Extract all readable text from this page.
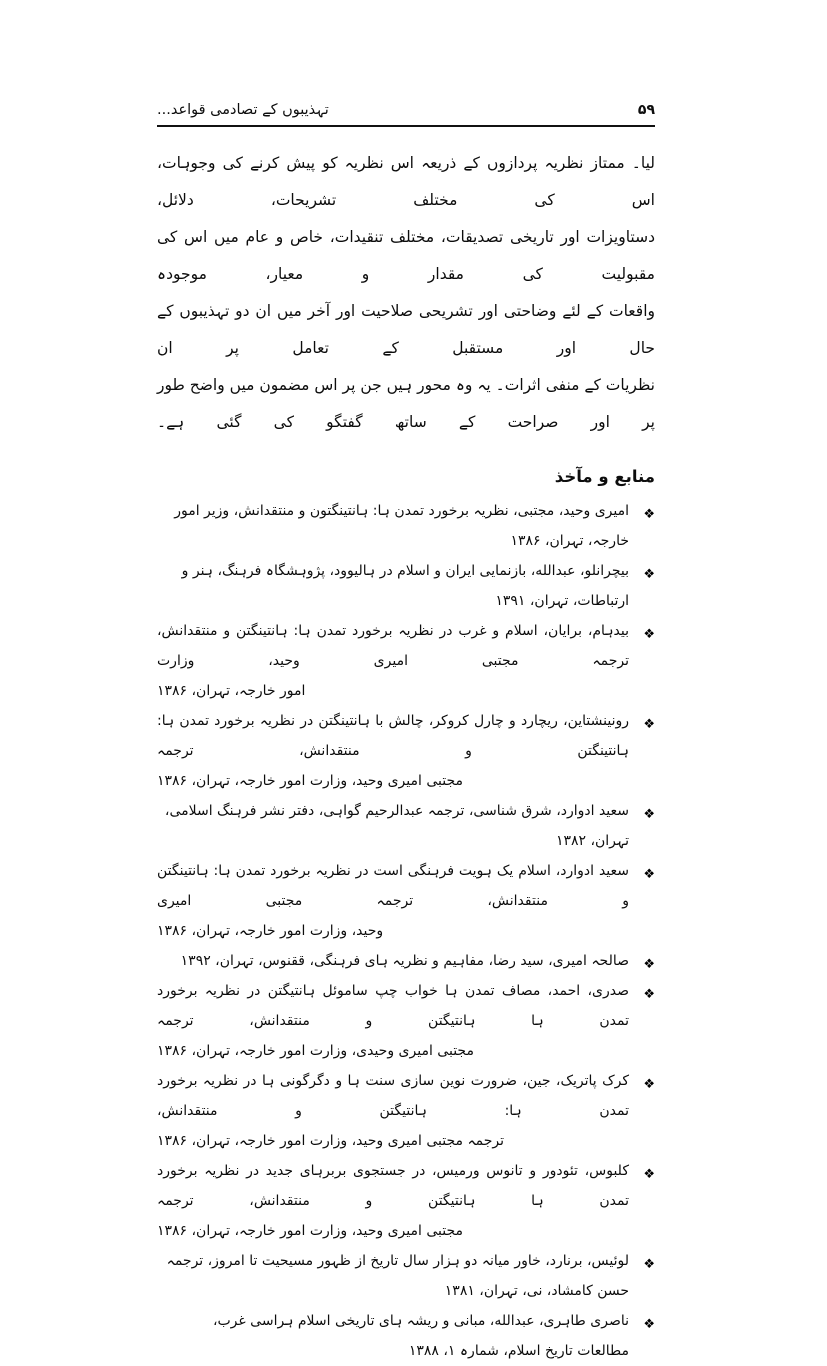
۵۹
تہذیبوں کے تصادمی قواعد...
لیا۔ ممتاز نظریہ پردازوں کے ذریعہ اس نظریہ کو پیش کرنے کی وجوہات، اس کی مختلف تشریحات، دلائل،
دستاویزات اور تاریخی تصدیقات، مختلف تنقیدات، خاص و عام میں اس کی مقبولیت کی مقدار و معیار، موجودہ
واقعات کے لئے وضاحتی اور تشریحی صلاحیت اور آخر میں ان دو تہذیبوں کے حال اور مستقبل کے تعامل پر ان
نظریات کے منفی اثرات۔ یہ وہ محور ہیں جن پر اس مضمون میں واضح طور پر اور صراحت کے ساتھ گفتگو کی گئی ہے۔
منابع و مآخذ
❖
امیری وحید، مجتبی، نظریہ برخورد تمدن ہا: ہانتینگتون و منتقدانش، وزیر امور خارجہ، تہران، ۱۳۸۶
❖
بیچرانلو، عبدالله، بازنمایی ایران و اسلام در ہالیوود، پژوہشگاہ فرہنگ، ہنر و ارتباطات، تہران، ۱۳۹۱
❖
بیدہام، برایان، اسلام و غرب در نظریہ برخورد تمدن ہا: ہانتینگتن و منتقدانش، ترجمہ مجتبی امیری وحید، وزارت
امور خارجہ، تہران، ۱۳۸۶
❖
رونینشتاین، ریچارد و چارل کروکر، چالش با ہانتینگتن در نظریہ برخورد تمدن ہا: ہانتینگتن و منتقدانش، ترجمہ
مجتبی امیری وحید، وزارت امور خارجہ، تہران، ۱۳۸۶
❖
سعید ادوارد، شرق شناسی، ترجمہ عبدالرحیم گواہی، دفتر نشر فرہنگ اسلامی، تہران، ۱۳۸۲
❖
سعید ادوارد، اسلام یک ہویت فرہنگی است در نظریہ برخورد تمدن ہا: ہانتینگتن و منتقدانش، ترجمہ مجتبی امیری
وحید، وزارت امور خارجہ، تہران، ۱۳۸۶
❖
صالحہ امیری، سید رضا، مفاہیم و نظریہ ہای فرہنگی، ققنوس، تہران، ۱۳۹۲
❖
صدری، احمد، مصاف تمدن ہا خواب چپ ساموئل ہانتیگتن در نظریہ برخورد تمدن ہا ہانتیگتن و منتقدانش، ترجمہ
مجتبی امیری وحیدی، وزارت امور خارجہ، تہران، ۱۳۸۶
❖
کرک پاتریک، جین، ضرورت نوین سازی سنت ہا و دگرگونی ہا در نظریہ برخورد تمدن ہا: ہانتیگتن و منتقدانش،
ترجمہ مجتبی امیری وحید، وزارت امور خارجہ، تہران، ۱۳۸۶
❖
کلبوس، تئودور و تانوس ورمیس، در جستجوی بربرہای جدید در نظریہ برخورد تمدن ہا ہانتیگتن و منتقدانش، ترجمہ
مجتبی امیری وحید، وزارت امور خارجہ، تہران، ۱۳۸۶
❖
لوئیس، برنارد، خاور میانہ دو ہزار سال تاریخ از ظہور مسیحیت تا امروز، ترجمہ حسن کامشاد، نی، تہران، ۱۳۸۱
❖
ناصری طاہری، عبدالله، مبانی و ریشہ ہای تاریخی اسلام ہراسی غرب، مطالعات تاریخ اسلام، شمارہ ۱، ۱۳۸۸
